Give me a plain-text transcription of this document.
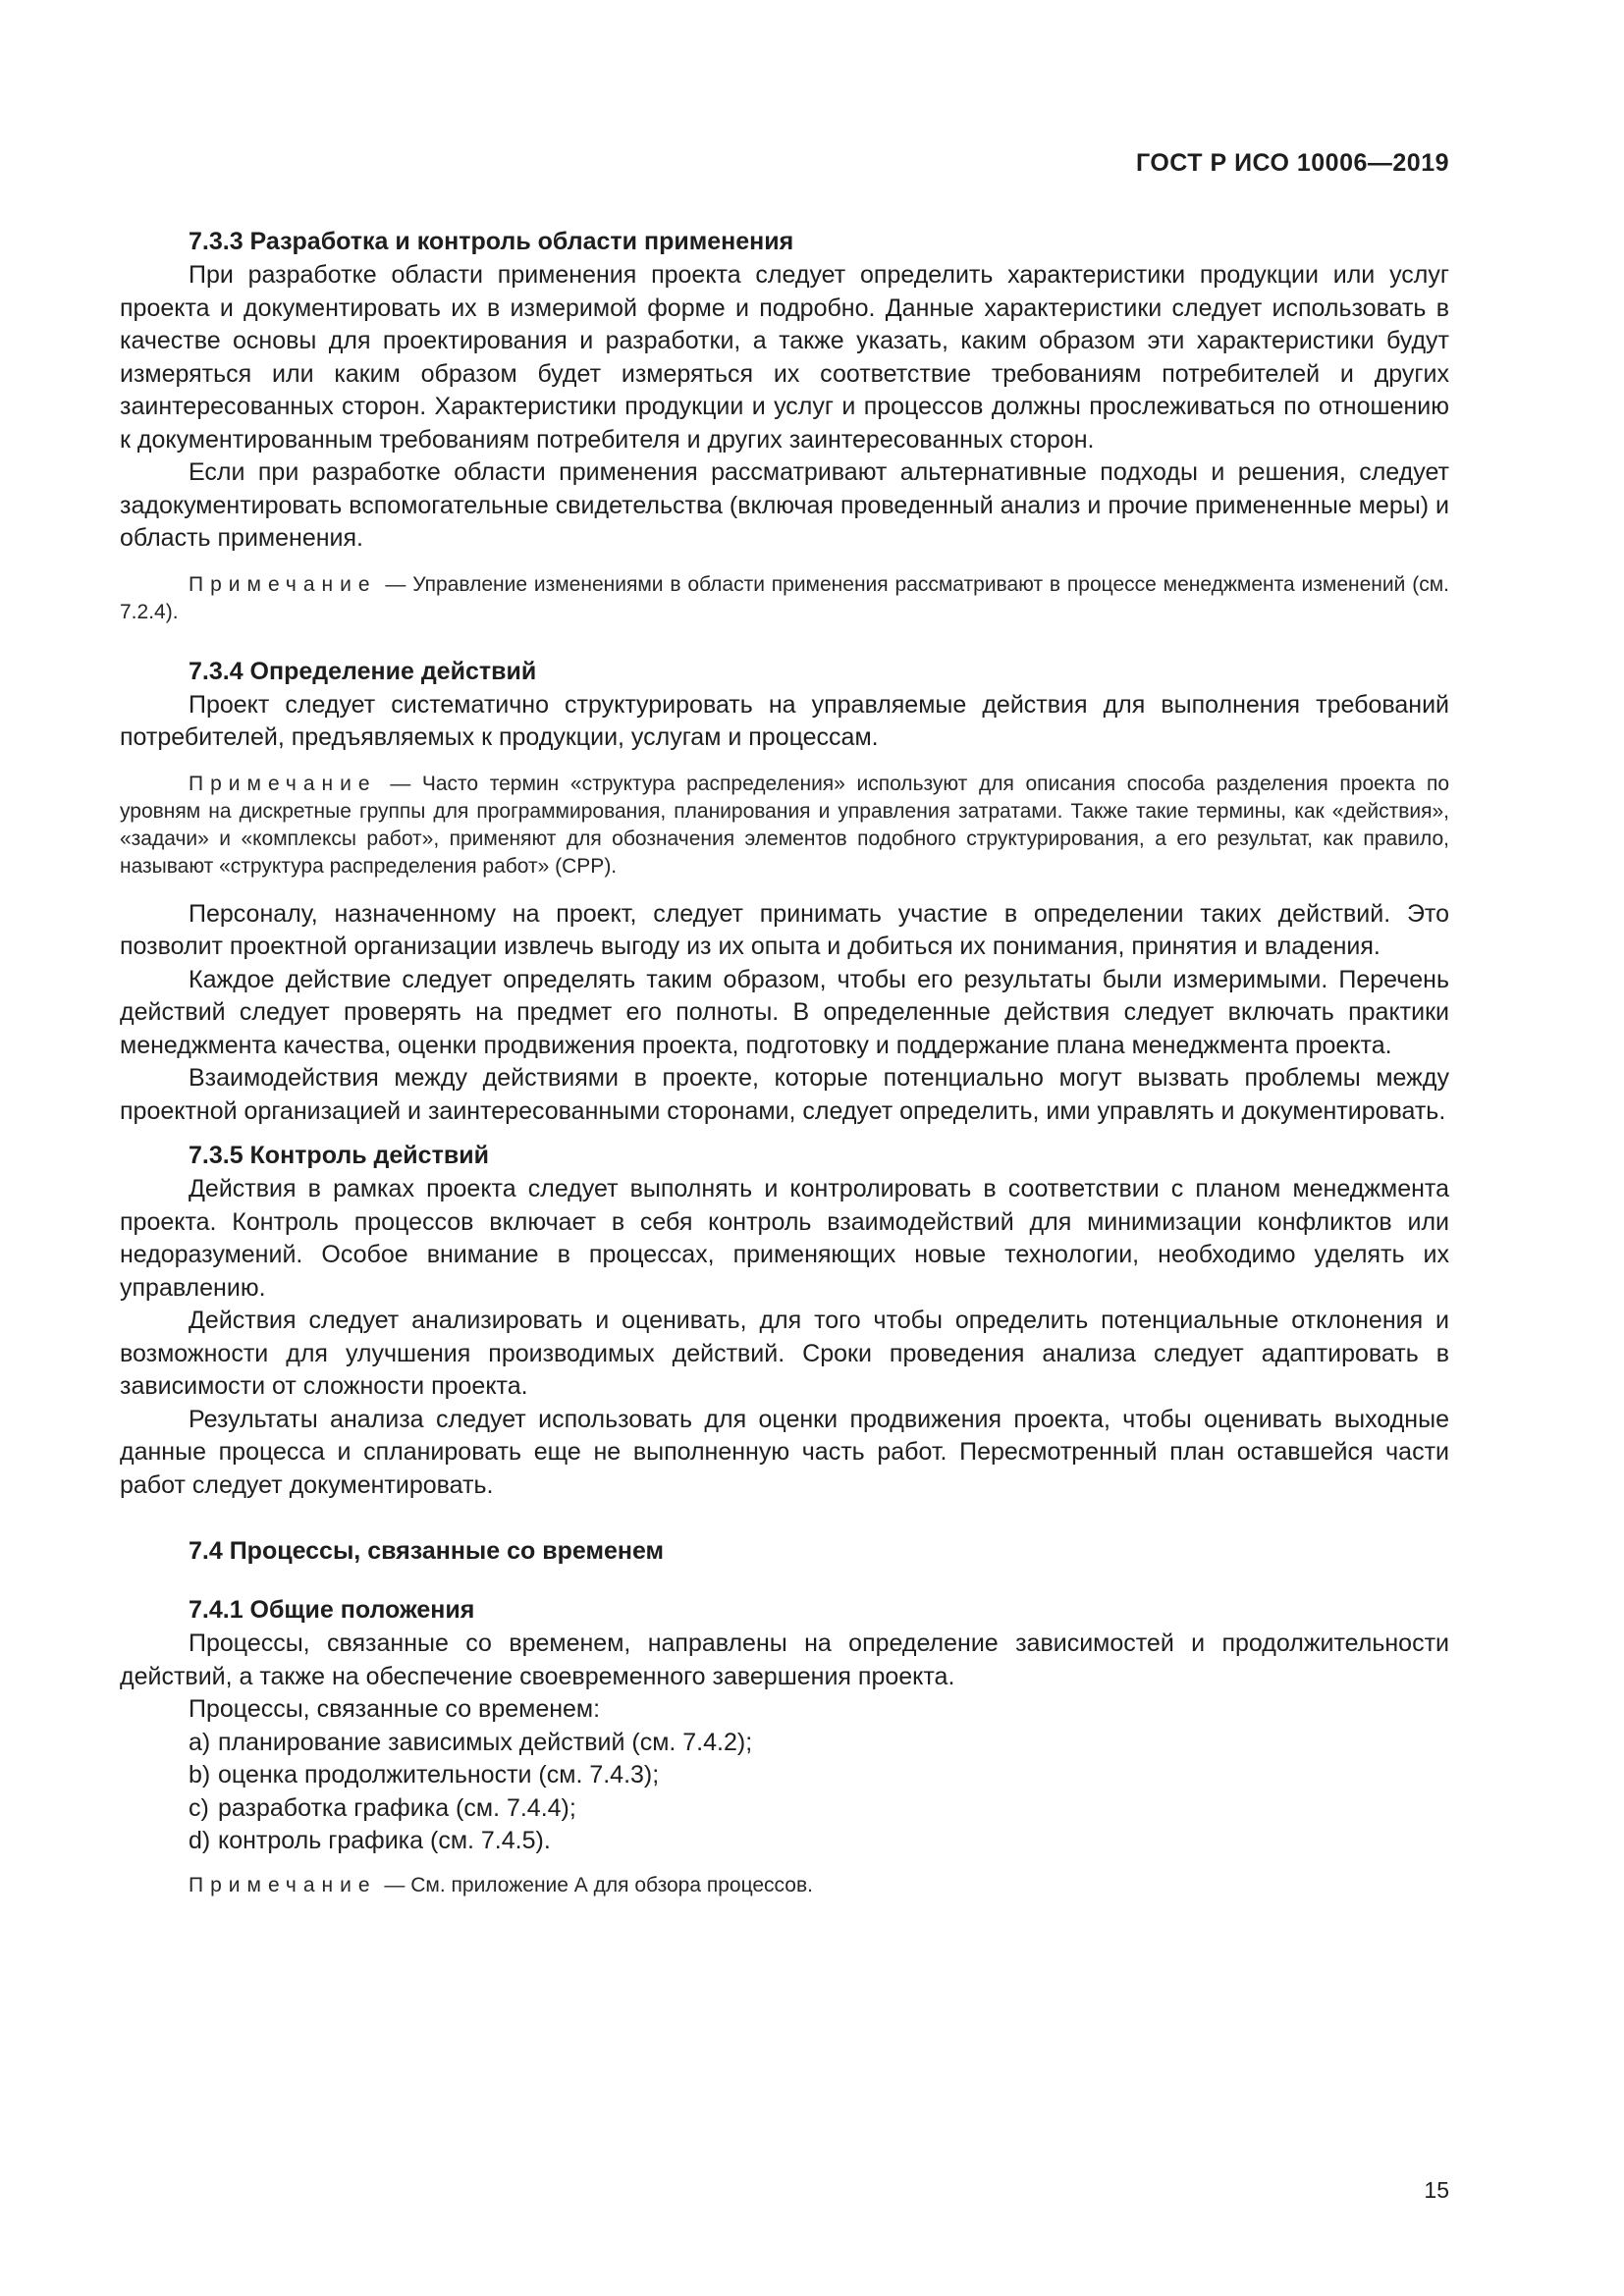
ГОСТ Р ИСО 10006—2019
7.3.3 Разработка и контроль области применения

При разработке области применения проекта следует определить характеристики продукции или услуг проекта и документировать их в измеримой форме и подробно. Данные характеристики следует использовать в качестве основы для проектирования и разработки, а также указать, каким образом эти характеристики будут измеряться или каким образом будет измеряться их соответствие требованиям потребителей и других заинтересованных сторон. Характеристики продукции и услуг и процессов должны прослеживаться по отношению к документированным требованиям потребителя и других заинтересованных сторон.

Если при разработке области применения рассматривают альтернативные подходы и решения, следует задокументировать вспомогательные свидетельства (включая проведенный анализ и прочие примененные меры) и область применения.

Примечание — Управление изменениями в области применения рассматривают в процессе менеджмента изменений (см. 7.2.4).

7.3.4 Определение действий

Проект следует систематично структурировать на управляемые действия для выполнения требований потребителей, предъявляемых к продукции, услугам и процессам.

Примечание — Часто термин «структура распределения» используют для описания способа разделения проекта по уровням на дискретные группы для программирования, планирования и управления затратами. Также такие термины, как «действия», «задачи» и «комплексы работ», применяют для обозначения элементов подобного структурирования, а его результат, как правило, называют «структура распределения работ» (СРР).

Персоналу, назначенному на проект, следует принимать участие в определении таких действий. Это позволит проектной организации извлечь выгоду из их опыта и добиться их понимания, принятия и владения.

Каждое действие следует определять таким образом, чтобы его результаты были измеримыми. Перечень действий следует проверять на предмет его полноты. В определенные действия следует включать практики менеджмента качества, оценки продвижения проекта, подготовку и поддержание плана менеджмента проекта.

Взаимодействия между действиями в проекте, которые потенциально могут вызвать проблемы между проектной организацией и заинтересованными сторонами, следует определить, ими управлять и документировать.

7.3.5 Контроль действий

Действия в рамках проекта следует выполнять и контролировать в соответствии с планом менеджмента проекта. Контроль процессов включает в себя контроль взаимодействий для минимизации конфликтов или недоразумений. Особое внимание в процессах, применяющих новые технологии, необходимо уделять их управлению.

Действия следует анализировать и оценивать, для того чтобы определить потенциальные отклонения и возможности для улучшения производимых действий. Сроки проведения анализа следует адаптировать в зависимости от сложности проекта.

Результаты анализа следует использовать для оценки продвижения проекта, чтобы оценивать выходные данные процесса и спланировать еще не выполненную часть работ. Пересмотренный план оставшейся части работ следует документировать.

7.4 Процессы, связанные со временем
7.4.1 Общие положения

Процессы, связанные со временем, направлены на определение зависимостей и продолжительности действий, а также на обеспечение своевременного завершения проекта.

Процессы, связанные со временем:

а) планирование зависимых действий (см. 7.4.2);
b) оценка продолжительности (см. 7.4.3);
с) разработка графика (см. 7.4.4);
d) контроль графика (см. 7.4.5).

Примечание — См. приложение А для обзора процессов.

15
